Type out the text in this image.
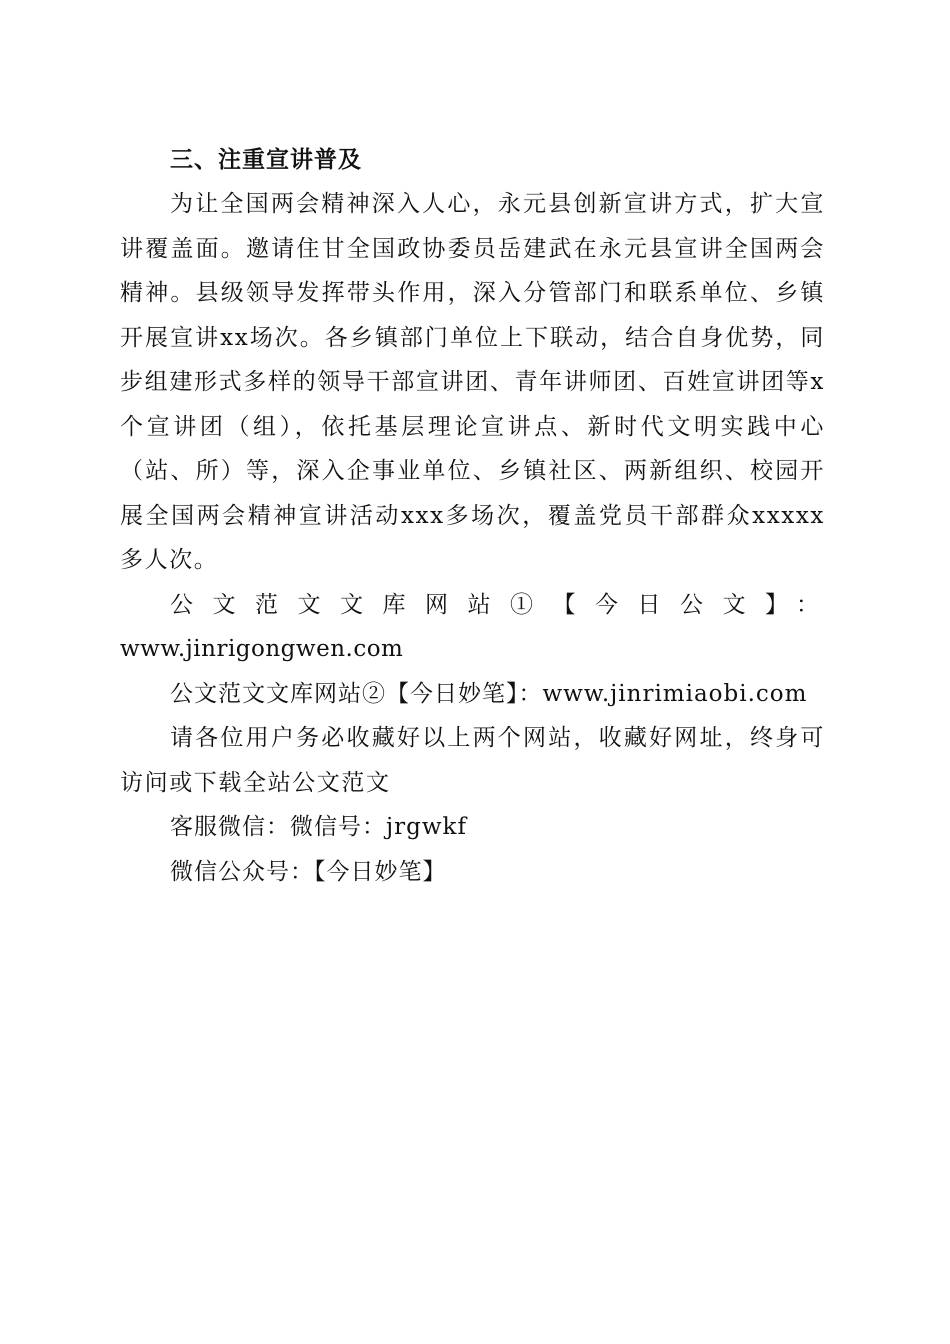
三、注重宣讲普及

为让全国两会精神深入人心，永元县创新宣讲方式，扩大宣讲覆盖面。邀请住甘全国政协委员岳建武在永元县宣讲全国两会精神。县级领导发挥带头作用，深入分管部门和联系单位、乡镇开展宣讲xx场次。各乡镇部门单位上下联动，结合自身优势，同步组建形式多样的领导干部宣讲团、青年讲师团、百姓宣讲团等x个宣讲团（组），依托基层理论宣讲点、新时代文明实践中心（站、所）等，深入企事业单位、乡镇社区、两新组织、校园开展全国两会精神宣讲活动xxx多场次，覆盖党员干部群众xxxxx多人次。

公文范文文库网站①【今日公文】：

www.jinrigongwen.com

公文范文文库网站②【今日妙笔】：www.jinrimiaobi.com

请各位用户务必收藏好以上两个网站，收藏好网址，终身可访问或下载全站公文范文

客服微信：微信号：jrgwkf

微信公众号：【今日妙笔】
